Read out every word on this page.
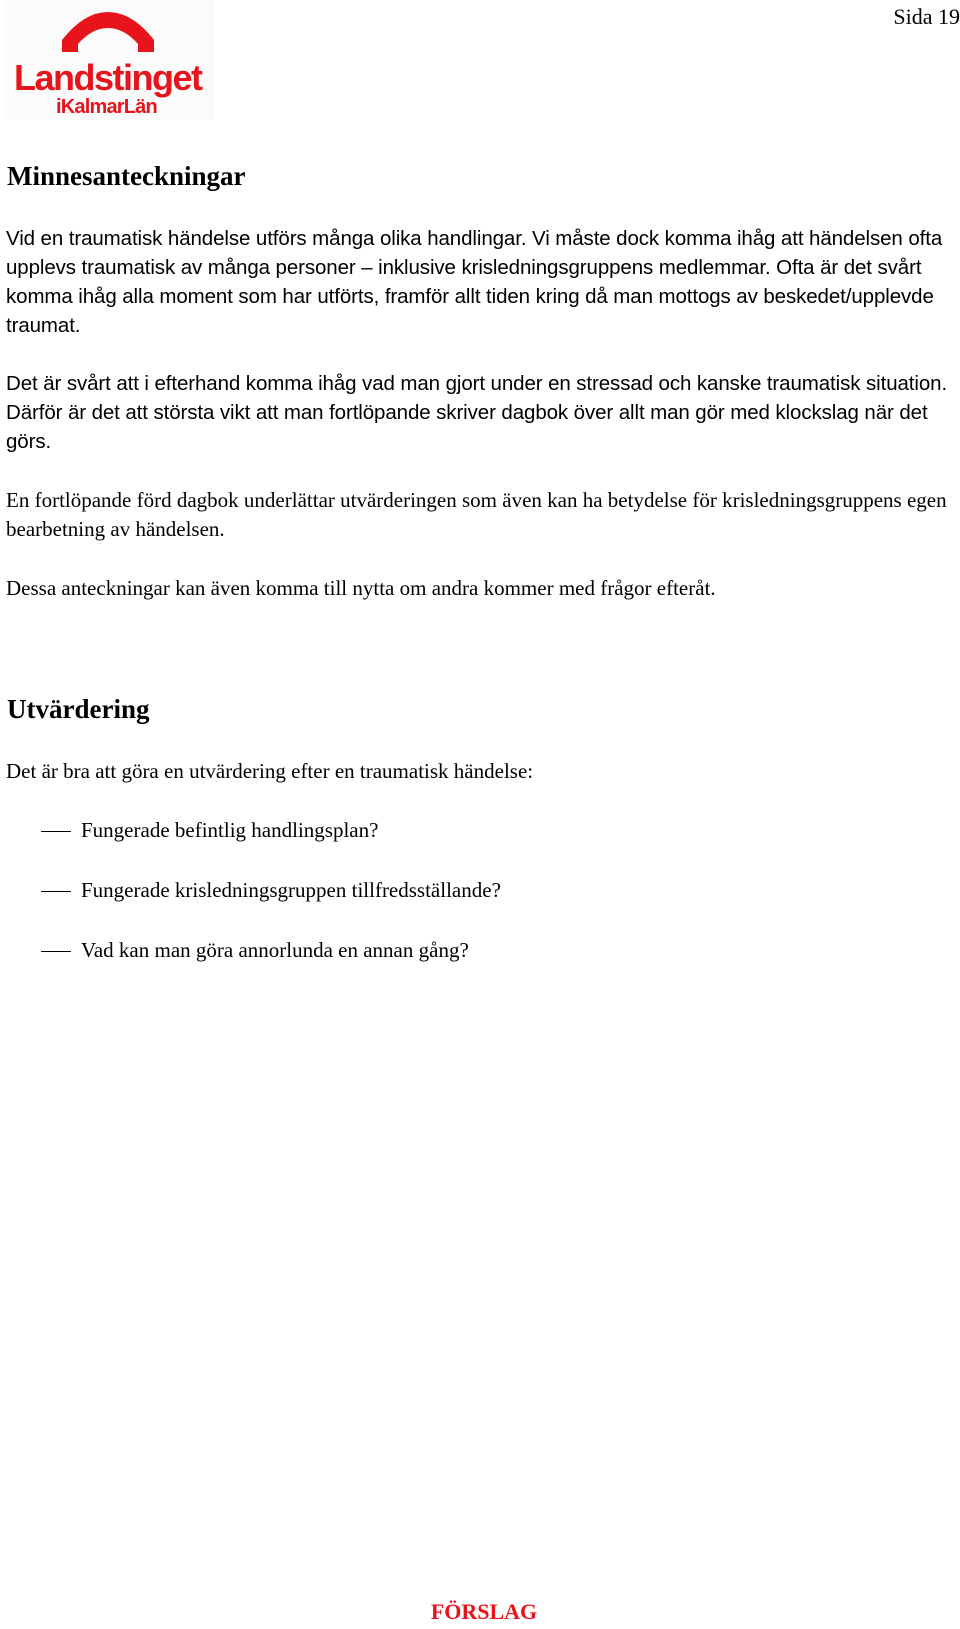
Sida 19
Landstinget
iKalmarLän
Minnesanteckningar

Vid en traumatisk händelse utförs många olika handlingar. Vi måste dock komma ihåg att händelsen ofta upplevs traumatisk av många personer – inklusive krisledningsgruppens medlemmar. Ofta är det svårt komma ihåg alla moment som har utförts, framför allt tiden kring då man mottogs av beskedet/upplevde traumat.

Det är svårt att i efterhand komma ihåg vad man gjort under en stressad och kanske traumatisk situation. Därför är det att största vikt att man fortlöpande skriver dagbok över allt man gör med klockslag när det görs.

En fortlöpande förd dagbok underlättar utvärderingen som även kan ha betydelse för krisledningsgruppens egen bearbetning av händelsen.

Dessa anteckningar kan även komma till nytta om andra kommer med frågor efteråt.

Utvärdering

Det är bra att göra en utvärdering efter en traumatisk händelse:

Fungerade befintlig handlingsplan?
Fungerade krisledningsgruppen tillfredsställande?
Vad kan man göra annorlunda en annan gång?
FÖRSLAG
